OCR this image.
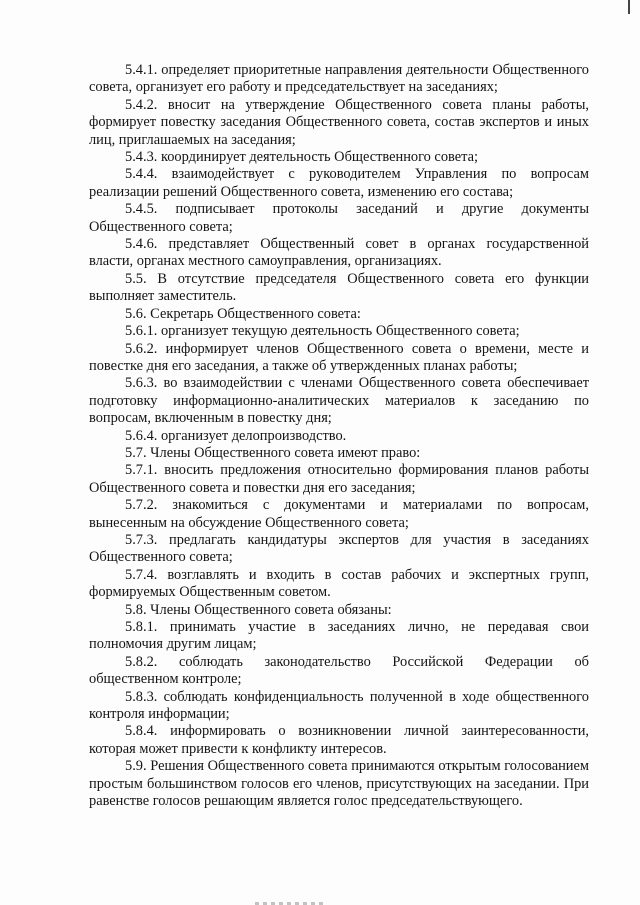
5.4.1. определяет приоритетные направления деятельности Общественного совета, организует его работу и председательствует на заседаниях;

5.4.2. вносит на утверждение Общественного совета планы работы, формирует повестку заседания Общественного совета, состав экспертов и иных лиц, приглашаемых на заседания;

5.4.3. координирует деятельность Общественного совета;

5.4.4. взаимодействует с руководителем Управления по вопросам реализации решений Общественного совета, изменению его состава;

5.4.5. подписывает протоколы заседаний и другие документы Общественного совета;

5.4.6. представляет Общественный совет в органах государственной власти, органах местного самоуправления, организациях.

5.5. В отсутствие председателя Общественного совета его функции выполняет заместитель.

5.6. Секретарь Общественного совета:

5.6.1. организует текущую деятельность Общественного совета;

5.6.2. информирует членов Общественного совета о времени, месте и повестке дня его заседания, а также об утвержденных планах работы;

5.6.3. во взаимодействии с членами Общественного совета обеспечивает подготовку информационно-аналитических материалов к заседанию по вопросам, включенным в повестку дня;

5.6.4. организует делопроизводство.

5.7. Члены Общественного совета имеют право:

5.7.1. вносить предложения относительно формирования планов работы Общественного совета и повестки дня его заседания;

5.7.2. знакомиться с документами и материалами по вопросам, вынесенным на обсуждение Общественного совета;

5.7.3. предлагать кандидатуры экспертов для участия в заседаниях Общественного совета;

5.7.4. возглавлять и входить в состав рабочих и экспертных групп, формируемых Общественным советом.

5.8. Члены Общественного совета обязаны:

5.8.1. принимать участие в заседаниях лично, не передавая свои полномочия другим лицам;

5.8.2. соблюдать законодательство Российской Федерации об общественном контроле;

5.8.3. соблюдать конфиденциальность полученной в ходе общественного контроля информации;

5.8.4. информировать о возникновении личной заинтересованности, которая может привести к конфликту интересов.

5.9. Решения Общественного совета принимаются открытым голосованием простым большинством голосов его членов, присутствующих на заседании. При равенстве голосов решающим является голос председательствующего.
